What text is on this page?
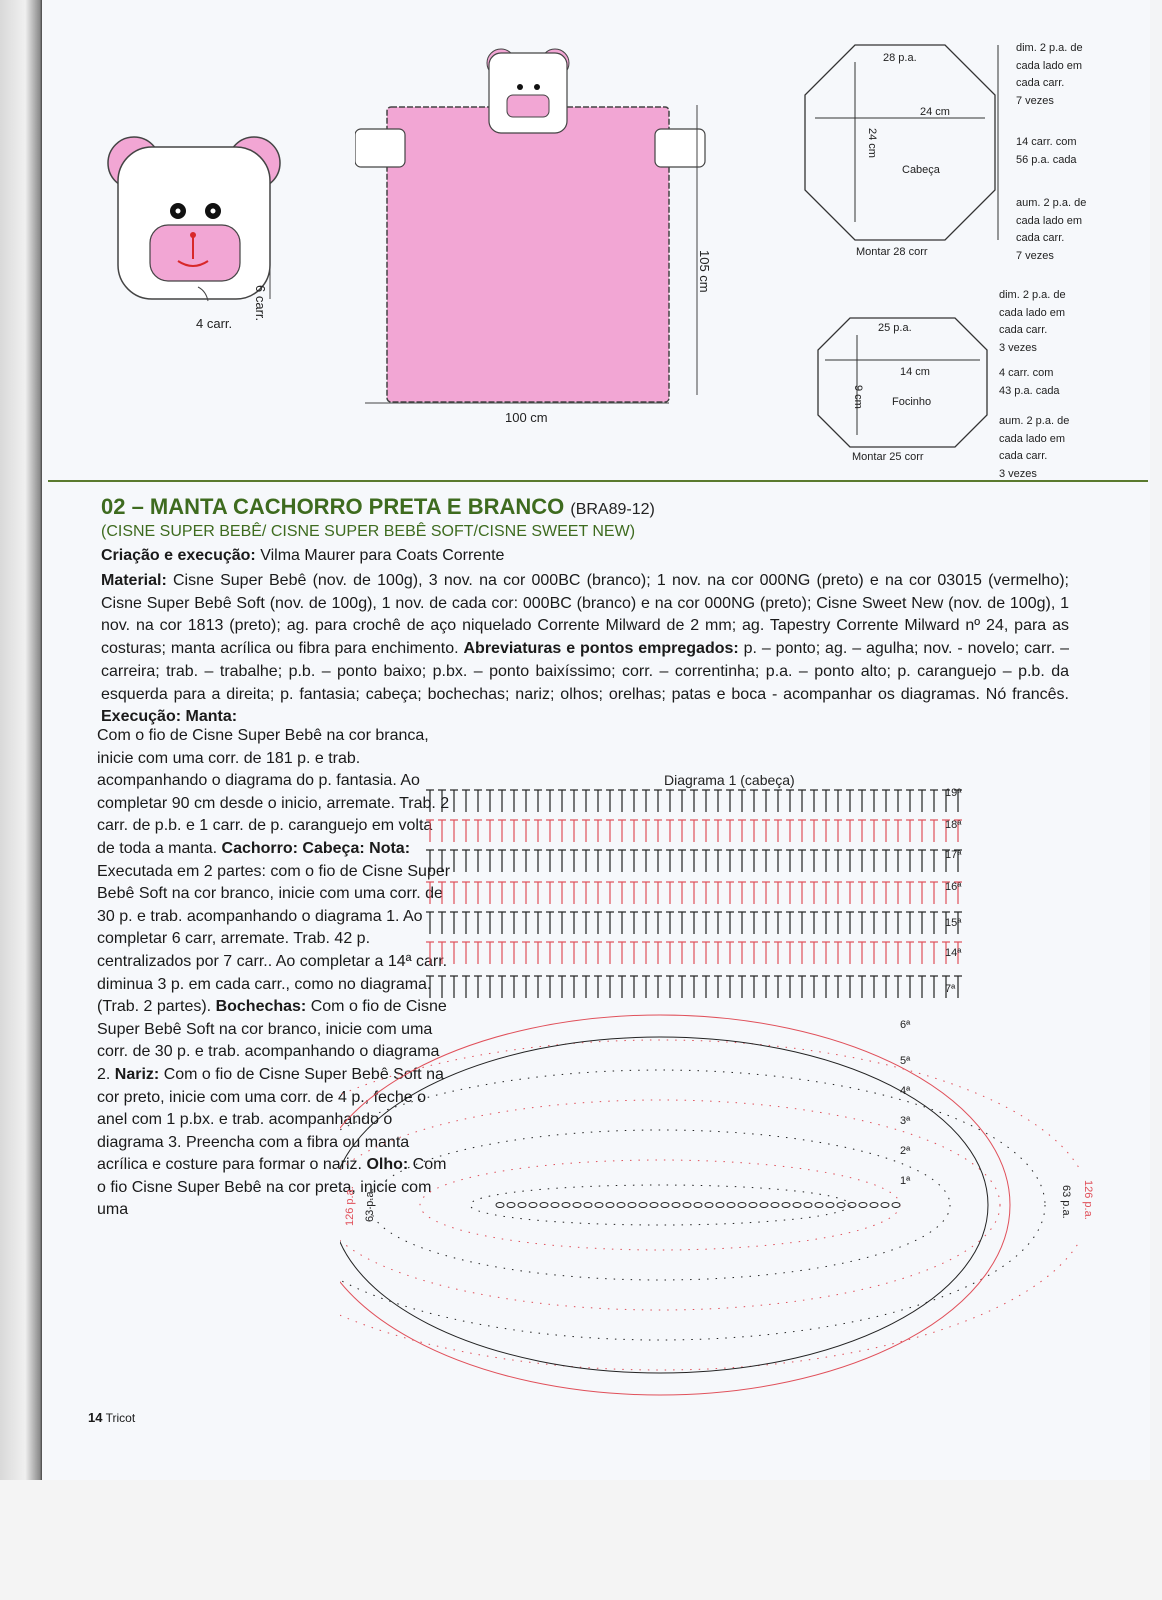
6 carr.
4 carr.
105 cm
100 cm
28 p.a.
24 cm
24 cm
Cabeça
Montar 28 corr
dim. 2 p.a. de
cada lado em
cada carr.
7 vezes
14 carr. com
56 p.a. cada
aum. 2 p.a. de
cada lado em
cada carr.
7 vezes
25 p.a.
14 cm
9 cm	Focinho
Montar 25 corr
dim. 2 p.a. de
cada lado em
cada carr.
3 vezes
4 carr. com
43 p.a. cada
aum. 2 p.a. de
cada lado em
cada carr.
3 vezes
02 – MANTA CACHORRO PRETA E BRANCO (BRA89-12)
(CISNE SUPER BEBÊ/ CISNE SUPER BEBÊ SOFT/CISNE SWEET NEW)
Criação e execução: Vilma Maurer para Coats Corrente
Material: Cisne Super Bebê (nov. de 100g), 3 nov. na cor 000BC (branco); 1 nov. na cor 000NG (preto) e na cor 03015 (vermelho); Cisne Super Bebê Soft (nov. de 100g), 1 nov. de cada cor: 000BC (branco) e na cor 000NG (preto); Cisne Sweet New (nov. de 100g), 1 nov. na cor 1813 (preto); ag. para crochê de aço niquelado Corrente Milward de 2 mm; ag. Tapestry Corrente Milward nº 24, para as costuras; manta acrílica ou fibra para enchimento. Abreviaturas e pontos empregados: p. – ponto; ag. – agulha; nov. - novelo; carr. – carreira; trab. – trabalhe; p.b. – ponto baixo; p.bx. – ponto baixíssimo; corr. – correntinha; p.a. – ponto alto; p. caranguejo – p.b. da esquerda para a direita; p. fantasia; cabeça; bochechas; nariz; olhos; orelhas; patas e boca - acompanhar os diagramas. Nó francês. Execução: Manta:

Com o fio de Cisne Super Bebê na cor branca, inicie com uma corr. de 181 p. e trab. acompanhando o diagrama do p. fantasia. Ao completar 90 cm desde o inicio, arremate. Trab. 2 carr. de p.b. e 1 carr. de p. caranguejo em volta de toda a manta. Cachorro: Cabeça: Nota: Executada em 2 partes: com o fio de Cisne Super Bebê Soft na cor branco, inicie com uma corr. de 30 p. e trab. acompanhando o diagrama 1. Ao completar 6 carr, arremate. Trab. 42 p. centralizados por 7 carr.. Ao completar a 14ª carr. diminua 3 p. em cada carr., como no diagrama. (Trab. 2 partes). Bochechas: Com o fio de Cisne Super Bebê Soft na cor branco, inicie com uma corr. de 30 p. e trab. acompanhando o diagrama 2. Nariz: Com o fio de Cisne Super Bebê Soft na cor preto, inicie com uma corr. de 4 p., feche o anel com 1 p.bx. e trab. acompanhando o diagrama 3. Preencha com a fibra ou manta acrílica e costure para formar o nariz. Olho: Com o fio Cisne Super Bebê na cor preta, inicie com uma

Diagrama 1 (cabeça)
19ª
18ª
17ª
16ª
15ª
14ª
7ª
6ª
5ª
4ª
3ª
2ª
1ª
126 p.a. 63 p.a.	63 p.a. 126 p.a.
14 Tricot
